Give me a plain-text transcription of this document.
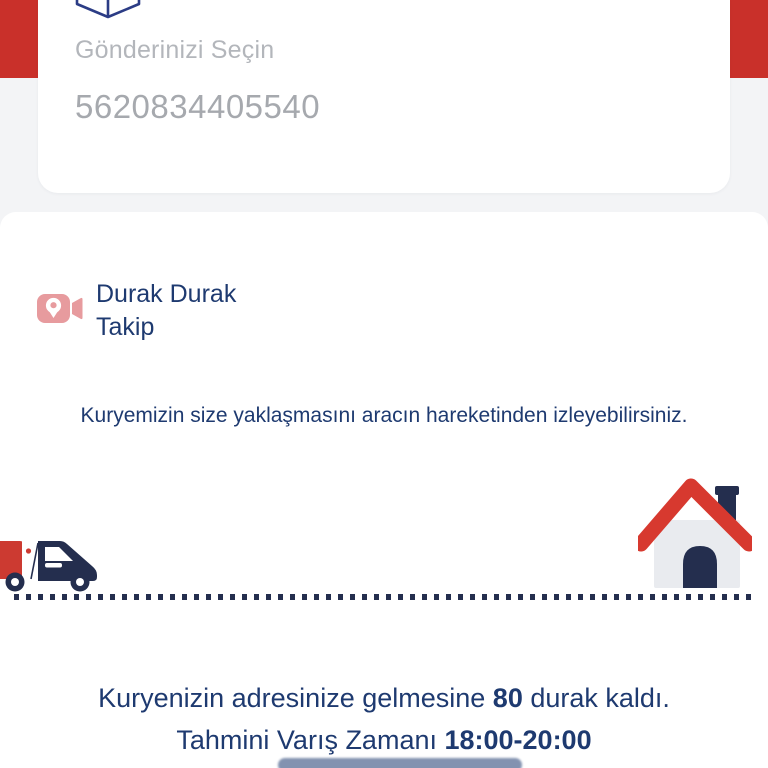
Gönderinizi Seçin
5620834405540
Durak Durak Takip
Kuryemizin size yaklaşmasını aracın hareketinden izleyebilirsiniz.
Kuryenizin adresinize gelmesine 80 durak kaldı.
Tahmini Varış Zamanı 18:00-20:00
